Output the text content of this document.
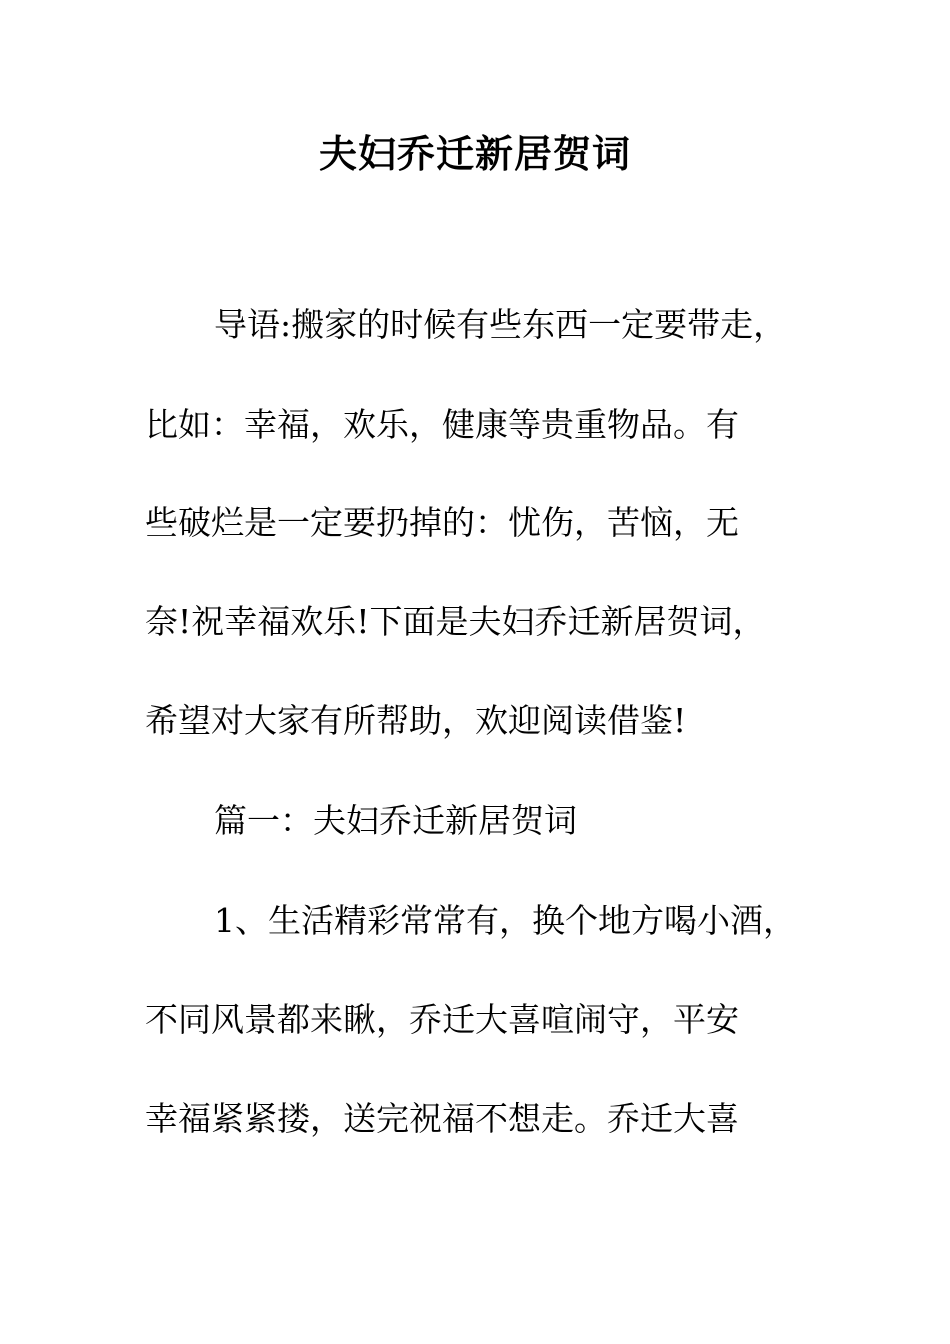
夫妇乔迁新居贺词
导语:搬家的时候有些东西一定要带走，
比如：幸福，欢乐，健康等贵重物品。有
些破烂是一定要扔掉的：忧伤，苦恼，无
奈!祝幸福欢乐!下面是夫妇乔迁新居贺词，
希望对大家有所帮助，欢迎阅读借鉴!
篇一：夫妇乔迁新居贺词
1、生活精彩常常有，换个地方喝小酒，
不同风景都来瞅，乔迁大喜喧闹守，平安
幸福紧紧搂，送完祝福不想走。乔迁大喜
